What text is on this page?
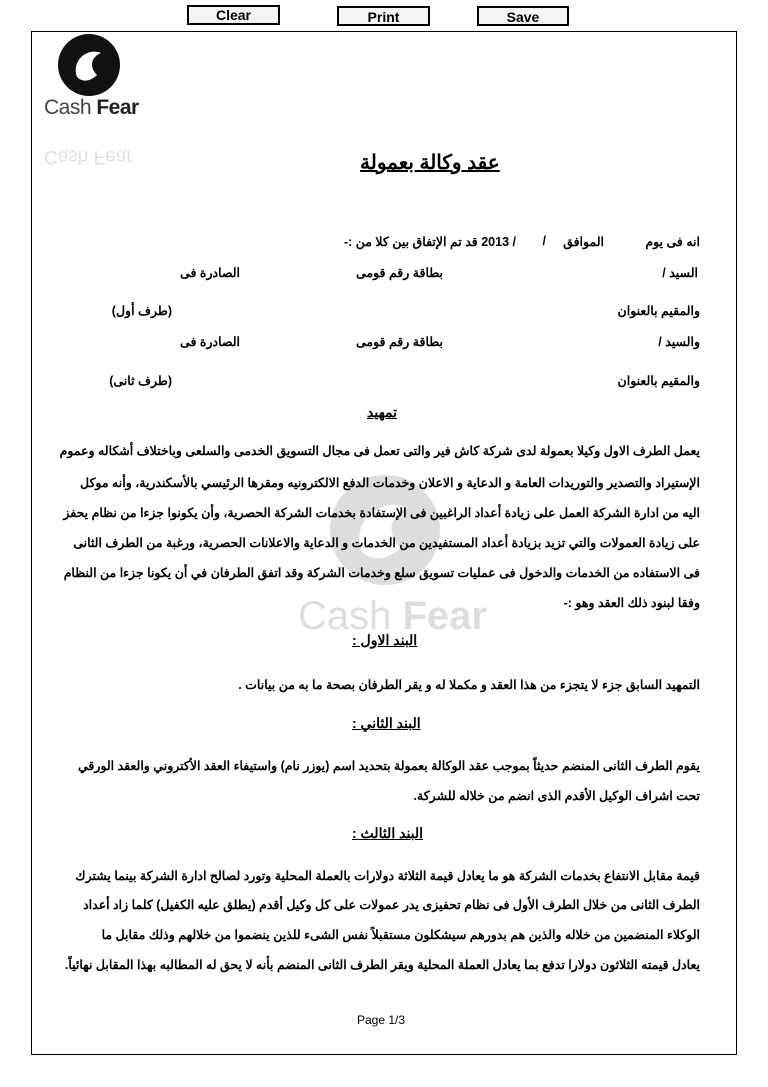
Clear	Print	Save
Cash Fear
Cash Fear
Cash Fear
عقد وكالة بعمولة
انه فى يوم
الموافق
/
/ 2013 قد تم الإتفاق بين كلا من :-
السيد /
بطاقة رقم قومى
الصادرة فى
والمقيم بالعنوان
(طرف أول)
والسيد /
بطاقة رقم قومى
الصادرة فى
والمقيم بالعنوان
(طرف ثانى)
تمهيد
يعمل الطرف الاول وكيلا بعمولة لدى شركة كاش فير والتى تعمل فى مجال التسويق الخدمى والسلعى وباختلاف أشكاله وعموم
الإستيراد والتصدير والتوريدات العامة و الدعاية و الاعلان وخدمات الدفع الالكترونيه ومقرها الرئيسي بالأسكندرية، وأنه موكل
اليه من ادارة الشركة العمل على زيادة أعداد الراغبين فى الإستفادة بخدمات الشركة الحصرية، وأن يكونوا جزءا من نظام يحفز
على زيادة العمولات والتي تزيد بزيادة أعداد المستفيدين من الخدمات و الدعاية والاعلانات الحصرية، ورغبة من الطرف الثانى
فى الاستفاده من الخدمات والدخول فى عمليات تسويق سلع وخدمات الشركة وقد اتفق الطرفان في أن يكونا جزءا من النظام
وفقا لبنود ذلك العقد وهو :-
البند الاول :
التمهيد السابق جزء لا يتجزء من هذا العقد و مكملا له و يقر الطرفان بصحة ما به من بيانات .
البند الثاني :
يقوم الطرف الثانى المنضم حديثاً بموجب عقد الوكالة بعمولة بتحديد اسم (يوزر نام) واستيفاء العقد الأكتروني والعقد الورقي
تحت اشراف الوكيل الأقدم الذى انضم من خلاله للشركة.
البند الثالث :
قيمة مقابل الانتفاع بخدمات الشركة هو ما يعادل قيمة الثلاثة دولارات بالعملة المحلية وتورد لصالح ادارة الشركة بينما يشترك
الطرف الثانى من خلال الطرف الأول فى نظام تحفيزى يدر عمولات على كل وكيل أقدم (يطلق عليه الكفيل) كلما زاد أعداد
الوكلاء المنضمين من خلاله والذين هم بدورهم سيشكلون مستقبلاً نفس الشىء للذين ينضموا من خلالهم وذلك مقابل ما
يعادل قيمته الثلاثون دولارا تدفع بما يعادل العملة المحلية ويقر الطرف الثانى المنضم بأنه لا يحق له المطالبه بهذا المقابل نهائياً.
Page 1/3
